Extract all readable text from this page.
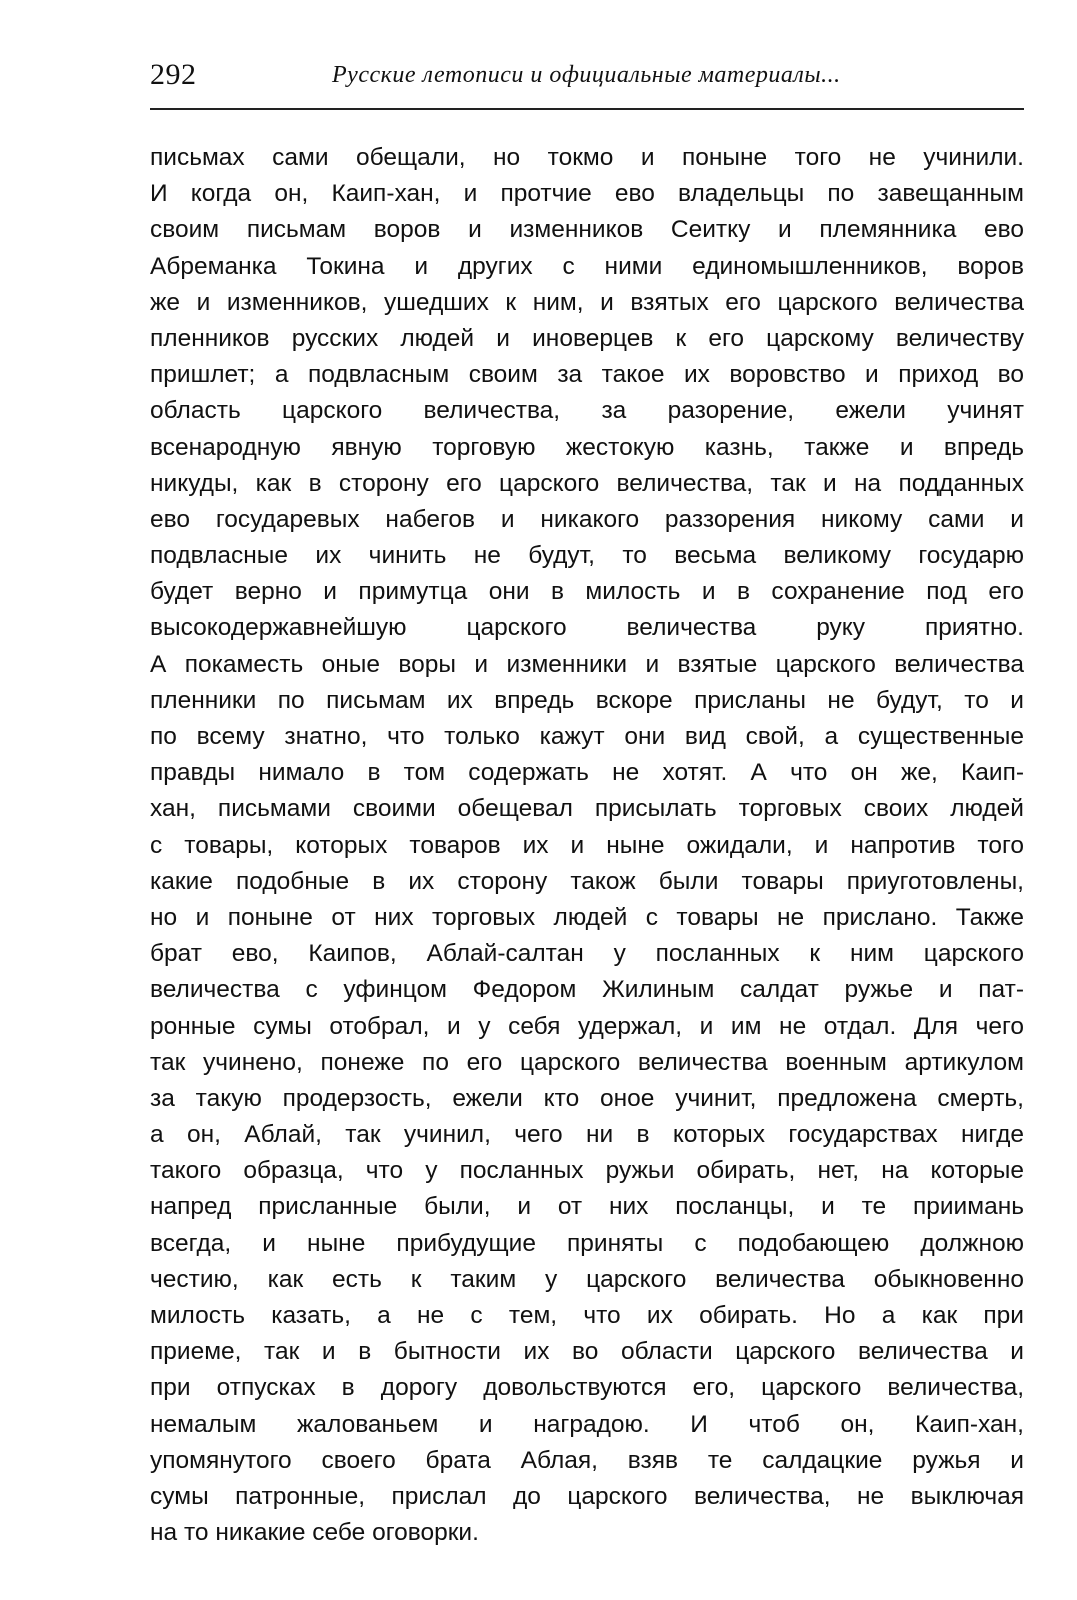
292	Русские летописи и официальные материалы...
письмах сами обещали, но токмо и поныне того не учинили.
И когда он, Каип-хан, и протчие ево владельцы по завещанным
своим письмам воров и изменников Сеитку и племянника ево
Абреманка Токина и других с ними единомышленников, воров
же и изменников, ушедших к ним, и взятых его царского величества
пленников русских людей и иноверцев к его царскому величеству
пришлет; а подвласным своим за такое их воровство и приход во
область царского величества, за разорение, ежели учинят
всенародную явную торговую жестокую казнь, также и впредь
никуды, как в сторону его царского величества, так и на подданных
ево государевых набегов и никакого раззорения никому сами и
подвласные их чинить не будут, то весьма великому государю
будет верно и примутца они в милость и в сохранение под его
высокодержавнейшую царского величества руку приятно.
А покаместь оные воры и изменники и взятые царского величества
пленники по письмам их впредь вскоре присланы не будут, то и
по всему знатно, что только кажут они вид свой, а существенные
правды нимало в том содержать не хотят. А что он же, Каип-
хан, письмами своими обещевал присылать торговых своих людей
с товары, которых товаров их и ныне ожидали, и напротив того
какие подобные в их сторону також были товары приуготовлены,
но и поныне от них торговых людей с товары не прислано. Также
брат ево, Каипов, Аблай-салтан у посланных к ним царского
величества с уфинцом Федором Жилиным салдат ружье и пат-
ронные сумы отобрал, и у себя удержал, и им не отдал. Для чего
так учинено, понеже по его царского величества военным артикулом
за такую продерзость, ежели кто оное учинит, предложена смерть,
а он, Аблай, так учинил, чего ни в которых государствах нигде
такого образца, что у посланных ружьи обирать, нет, на которые
напред присланные были, и от них посланцы, и те приимань
всегда, и ныне прибудущие приняты с подобающею должною
честию, как есть к таким у царского величества обыкновенно
милость казать, а не с тем, что их обирать. Но а как при
приеме, так и в бытности их во области царского величества и
при отпусках в дорогу довольствуются его, царского величества,
немалым жалованьем и наградою. И чтоб он, Каип-хан,
упомянутого своего брата Аблая, взяв те салдацкие ружья и
сумы патронные, прислал до царского величества, не выключая
на то никакие себе оговорки.
